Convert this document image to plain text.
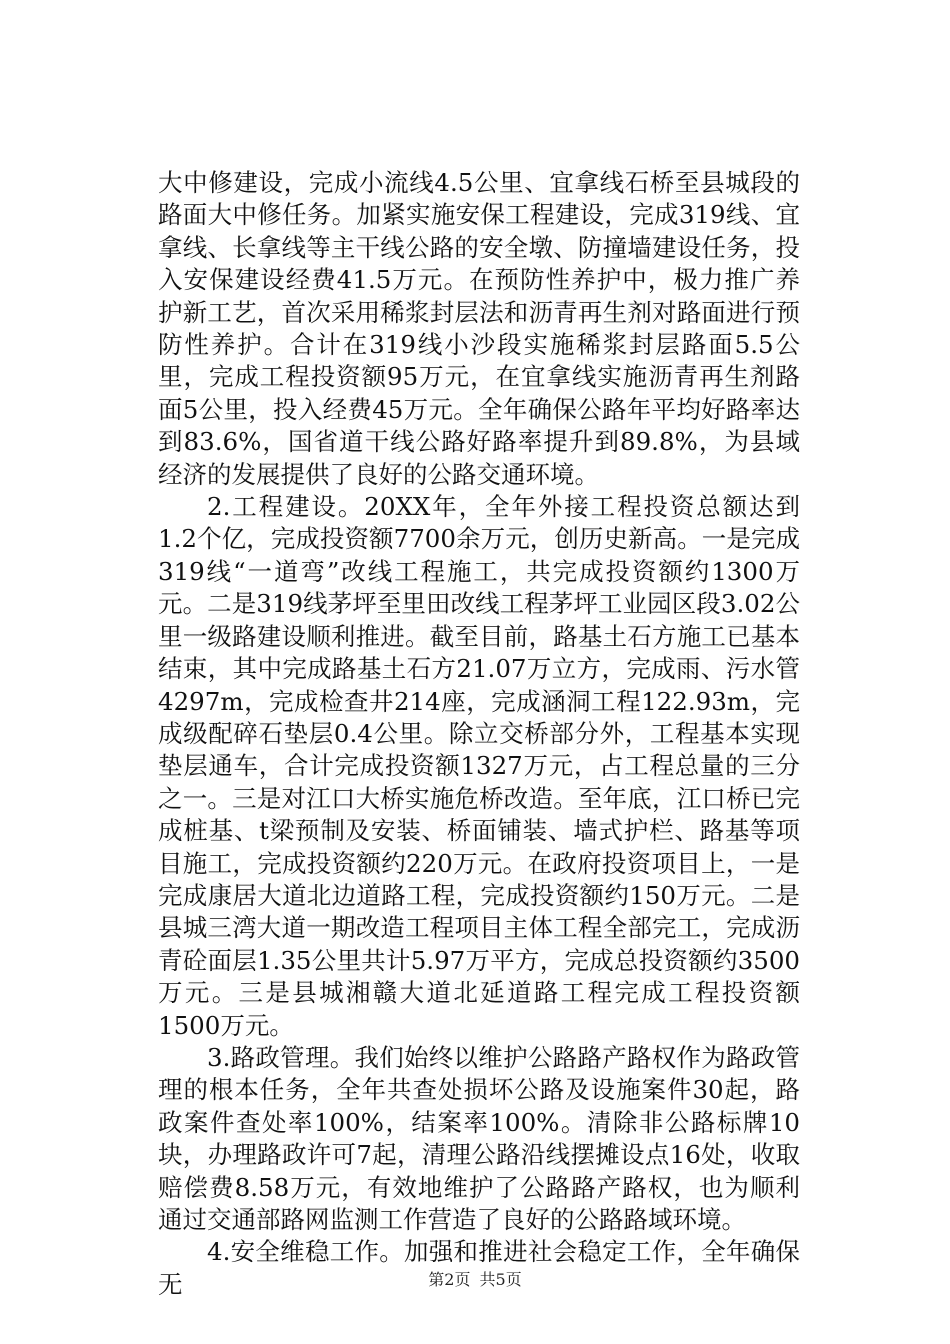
大中修建设，完成小流线4.5公里、宜拿线石桥至县城段的路面大中修任务。加紧实施安保工程建设，完成319线、宜拿线、长拿线等主干线公路的安全墩、防撞墙建设任务，投入安保建设经费41.5万元。在预防性养护中，极力推广养护新工艺，首次采用稀浆封层法和沥青再生剂对路面进行预防性养护。合计在319线小沙段实施稀浆封层路面5.5公里，完成工程投资额95万元，在宜拿线实施沥青再生剂路面5公里，投入经费45万元。全年确保公路年平均好路率达到83.6%，国省道干线公路好路率提升到89.8%，为县域经济的发展提供了良好的公路交通环境。

2.工程建设。20XX年，全年外接工程投资总额达到1.2个亿，完成投资额7700余万元，创历史新高。一是完成319线“一道弯”改线工程施工，共完成投资额约1300万元。二是319线茅坪至里田改线工程茅坪工业园区段3.02公里一级路建设顺利推进。截至目前，路基土石方施工已基本结束，其中完成路基土石方21.07万立方，完成雨、污水管4297m，完成检查井214座，完成涵洞工程122.93m，完成级配碎石垫层0.4公里。除立交桥部分外，工程基本实现垫层通车，合计完成投资额1327万元，占工程总量的三分之一。三是对江口大桥实施危桥改造。至年底，江口桥已完成桩基、t梁预制及安装、桥面铺装、墙式护栏、路基等项目施工，完成投资额约220万元。在政府投资项目上，一是完成康居大道北边道路工程，完成投资额约150万元。二是县城三湾大道一期改造工程项目主体工程全部完工，完成沥青砼面层1.35公里共计5.97万平方，完成总投资额约3500万元。三是县城湘赣大道北延道路工程完成工程投资额1500万元。

3.路政管理。我们始终以维护公路路产路权作为路政管理的根本任务，全年共查处损坏公路及设施案件30起，路政案件查处率100%，结案率100%。清除非公路标牌10块，办理路政许可7起，清理公路沿线摆摊设点16处，收取赔偿费8.58万元，有效地维护了公路路产路权，也为顺利通过交通部路网监测工作营造了良好的公路路域环境。

4.安全维稳工作。加强和推进社会稳定工作，全年确保无	第2页 共5页
